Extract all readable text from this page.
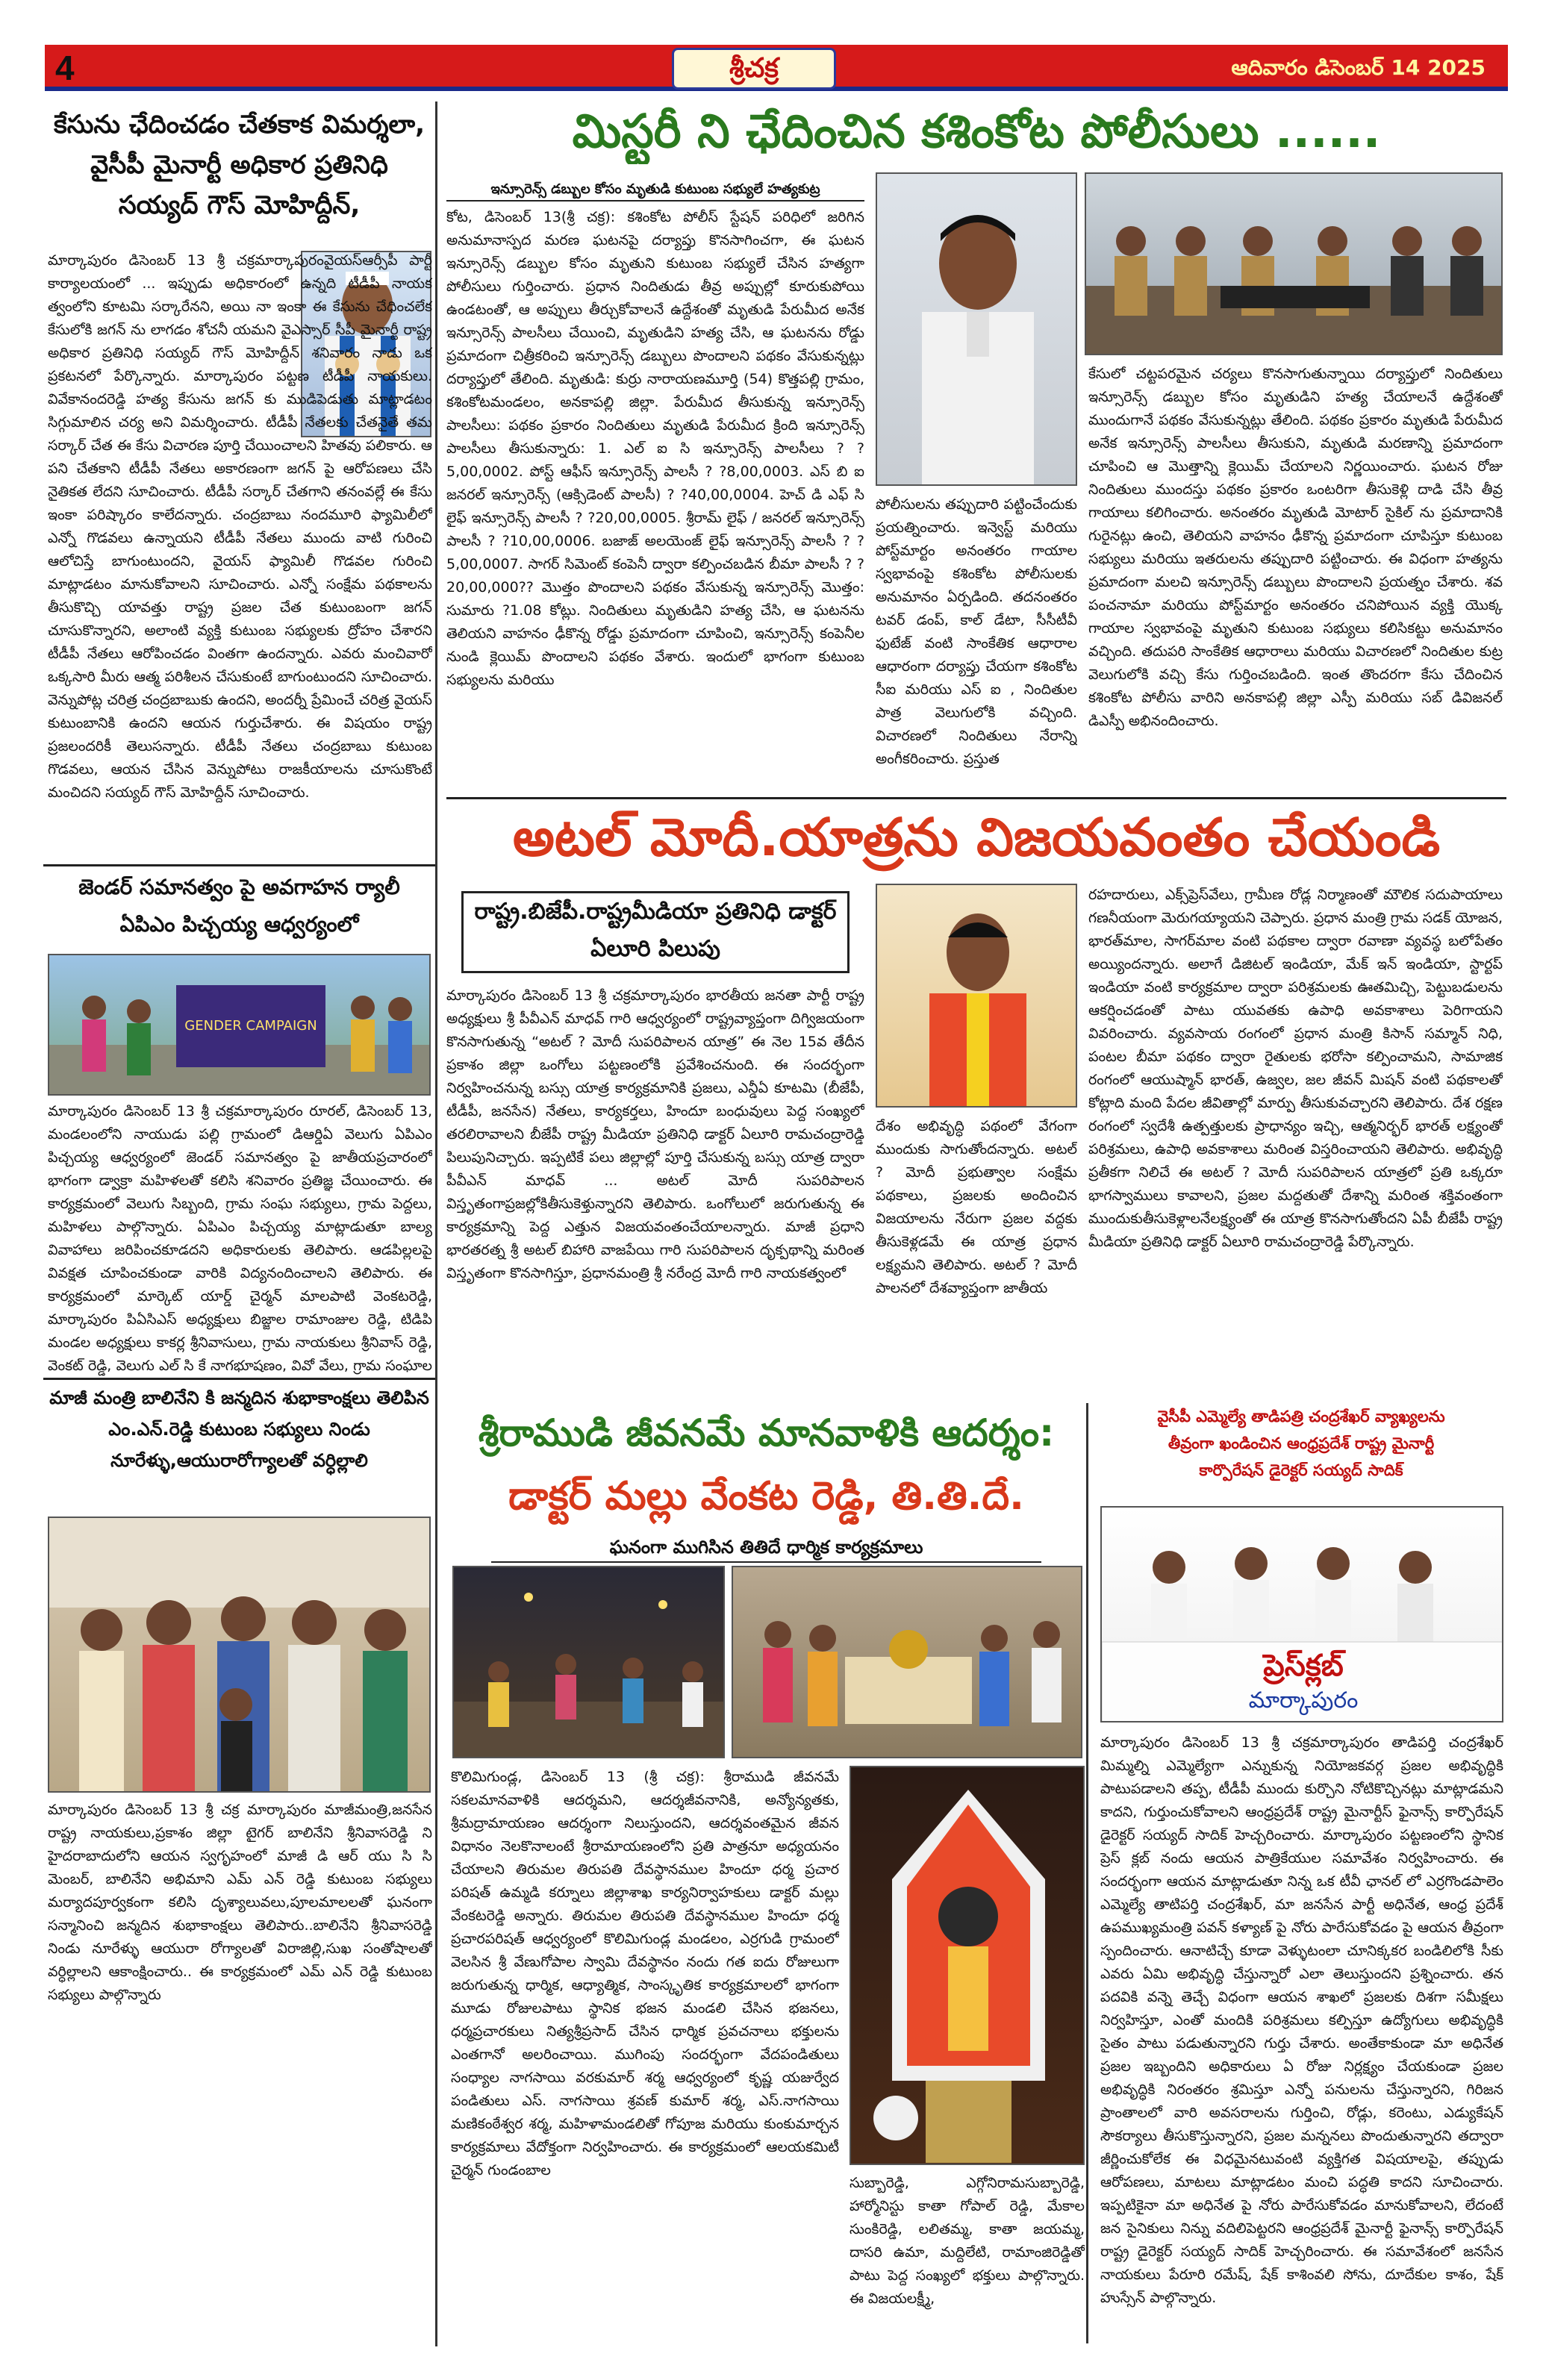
4	శ్రీచక్ర	ఆదివారం డిసెంబర్ 14 2025
కేసును ఛేదించడం చేతకాక విమర్శలా, వైసీపీ మైనార్టీ అధికార ప్రతినిధి సయ్యద్ గౌస్ మోహిద్దీన్,
మార్కాపురం డిసెంబర్ 13 శ్రీ చక్రమార్కాపురంవైయస్ఆర్సీపీ పార్టీ కార్యాలయంలో ... ఇప్పుడు అధికారంలో ఉన్నది టీడీపీ నాయక త్వంలోని కూటమి సర్కారేనని, అయి నా ఇంకా ఈ కేసును చేధించలేక కేసులోకి జగన్ ను లాగడం శోచనీ యమని వైఎస్సార్ సీపీ మైనార్టీ రాష్ట్ర అధికార ప్రతినిధి సయ్యద్ గౌస్ మోహిద్దీన్ శనివారం నాడు ఒక ప్రకటనలో పేర్కొన్నారు. మార్కాపురం పట్టణ టీడీపీ నాయకులు. వివేకానందరెడ్డి హత్య కేసును జగన్ కు ముడిపెడుతు మాట్లాడటం సిగ్గుమాలిన చర్య అని విమర్శించారు. టీడీపీ నేతలకు చేతనైతే తమ సర్కార్ చేత ఈ కేసు విచారణ పూర్తి చేయించాలని హితవు పలికారు. ఆ పని చేతకాని టీడీపీ నేతలు అకారణంగా జగన్ పై ఆరోపణలు చేసి నైతికత లేదని సూచించారు. టీడీపీ సర్కార్ చేతగాని తనంవల్లే ఈ కేసు ఇంకా పరిష్కారం కాలేదన్నారు. చంద్రబాబు నందమూరి ఫ్యామిలీలో ఎన్నో గొడవలు ఉన్నాయని టీడీపీ నేతలు ముందు వాటి గురించి ఆలోచిస్తే బాగుంటుందని, వైయస్ ఫ్యామిలీ గొడవల గురించి మాట్లాడటం మానుకోవాలని సూచించారు. ఎన్నో సంక్షేమ పథకాలను తీసుకొచ్చి యావత్తు రాష్ట్ర ప్రజల చేత కుటుంబంగా జగన్ చూసుకొన్నారని, అలాంటి వ్యక్తి కుటుంబ సభ్యులకు ద్రోహం చేశారని టీడీపీ నేతలు ఆరోపించడం వింతగా ఉందన్నారు. ఎవరు మంచివారో ఒక్కసారి మీరు ఆత్మ పరిశీలన చేసుకుంటే బాగుంటుందని సూచించారు. వెన్నుపోట్ల చరిత్ర చంద్రబాబుకు ఉందని, అందర్నీ ప్రేమించే చరిత్ర వైయస్ కుటుంబానికి ఉందని ఆయన గుర్తుచేశారు. ఈ విషయం రాష్ట్ర ప్రజలందరికీ తెలుసన్నారు. టీడీపీ నేతలు చంద్రబాబు కుటుంబ గొడవలు, ఆయన చేసిన వెన్నుపోటు రాజకీయాలను చూసుకొంటే మంచిదని సయ్యద్ గౌస్ మోహిద్దీన్ సూచించారు.
జెండర్ సమానత్వం పై అవగాహన ర్యాలీ ఏపిఎం పిచ్చయ్య ఆధ్వర్యంలో
GENDER CAMPAIGN
మార్కాపురం డిసెంబర్ 13 శ్రీ చక్రమార్కాపురం రూరల్, డిసెంబర్ 13, మండలంలోని నాయుడు పల్లి గ్రామంలో డిఆర్డిఏ వెలుగు ఏపిఎం పిచ్చయ్య ఆధ్వర్యంలో జెండర్ సమానత్వం పై జాతీయప్రచారంలో భాగంగా డ్వాక్రా మహిళలతో కలిసి శనివారం ప్రతిజ్ఞ చేయించారు. ఈ కార్యక్రమంలో వెలుగు సిబ్బంది, గ్రామ సంఘ సభ్యులు, గ్రామ పెద్దలు, మహిళలు పాల్గొన్నారు. ఏపిఎం పిచ్చయ్య మాట్లాడుతూ బాల్య వివాహాలు జరిపించకూడదని అధికారులకు తెలిపారు. ఆడపిల్లలపై వివక్షత చూపించకుండా వారికి విద్యనందించాలని తెలిపారు. ఈ కార్యక్రమంలో మార్కెట్ యార్డ్ చైర్మన్ మాలపాటి వెంకటరెడ్డి, మార్కాపురం పిఏసిఎస్ అధ్యక్షులు బిజ్జాల రామాంజుల రెడ్డి, టిడిపి మండల అధ్యక్షులు కాకర్ల శ్రీనివాసులు, గ్రామ నాయకులు శ్రీనివాస్ రెడ్డి, వెంకట్ రెడ్డి, వెలుగు ఎల్ సి కే నాగభూషణం, వివో వేలు, గ్రామ సంఘాల
మాజీ మంత్రి బాలినేని కి జన్మదిన శుభాకాంక్షలు తెలిపిన ఎం.ఎన్.రెడ్డి కుటుంబ సభ్యులు నిండు నూరేళ్ళు,ఆయురారోగ్యాలతో వర్ధిల్లాలి
మార్కాపురం డిసెంబర్ 13 శ్రీ చక్ర మార్కాపురం మాజీమంత్రి,జనసేన రాష్ట్ర నాయకులు,ప్రకాశం జిల్లా టైగర్ బాలినేని శ్రీనివాసరెడ్డి ని హైదరాబాదులోని ఆయన స్వగృహంలో మాజీ డి ఆర్ యు సి సి మెంబర్, బాలినేని అభిమాని ఎమ్ ఎన్ రెడ్డి కుటుంబ సభ్యులు మర్యాదపూర్వకంగా కలిసి దృశ్యాలువలు,పూలమాలలతో ఘనంగా సన్మానించి జన్మదిన శుభాకాంక్షలు తెలిపారు..బాలినేని శ్రీనివాసరెడ్డి నిండు నూరేళ్ళు ఆయురా రోగ్యాలతో విరాజిల్లి,సుఖ సంతోషాలతో వర్ధిల్లాలని ఆకాంక్షించారు.. ఈ కార్యక్రమంలో ఎమ్ ఎన్ రెడ్డి కుటుంబ సభ్యులు పాల్గొన్నారు
మిస్టరీ ని ఛేదించిన కశింకోట పోలీసులు ......
ఇన్సూరెన్స్ డబ్బుల కోసం మృతుడి కుటుంబ సభ్యులే హత్యకుట్ర
కోట, డిసెంబర్ 13(శ్రీ చక్ర): కశింకోట పోలీస్ స్టేషన్ పరిధిలో జరిగిన అనుమానాస్పద మరణ ఘటనపై దర్యాప్తు కొనసాగించగా, ఈ ఘటన ఇన్సూరెన్స్ డబ్బుల కోసం మృతుని కుటుంబ సభ్యులే చేసిన హత్యగా పోలీసులు గుర్తించారు. ప్రధాన నిందితుడు తీవ్ర అప్పుల్లో కూరుకుపోయి ఉండటంతో, ఆ అప్పులు తీర్చుకోవాలనే ఉద్దేశంతో మృతుడి పేరుమీద అనేక ఇన్సూరెన్స్ పాలసీలు చేయించి, మృతుడిని హత్య చేసి, ఆ ఘటనను రోడ్డు ప్రమాదంగా చిత్రీకరించి ఇన్సూరెన్స్ డబ్బులు పొందాలని పథకం వేసుకున్నట్లు దర్యాప్తులో తేలింది. మృతుడి: కుర్రు నారాయణమూర్తి (54) కొత్తపల్లి గ్రామం, కశింకోటమండలం, అనకాపల్లి జిల్లా. పేరుమీద తీసుకున్న ఇన్సూరెన్స్ పాలసీలు: పథకం ప్రకారం నిందితులు మృతుడి పేరుమీద క్రింది ఇన్సూరెన్స్ పాలసీలు తీసుకున్నారు: 1. ఎల్ ఐ సి ఇన్సూరెన్స్ పాలసీలు ? ?5,00,0002. పోస్ట్ ఆఫీస్ ఇన్సూరెన్స్ పాలసీ ? ?8,00,0003. ఎస్ బి ఐ జనరల్ ఇన్సూరెన్స్ (ఆక్సిడెంట్ పాలసీ) ? ?40,00,0004. హెచ్ డి ఎఫ్ సి లైఫ్ ఇన్సూరెన్స్ పాలసీ ? ?20,00,0005. శ్రీరామ్ లైఫ్ / జనరల్ ఇన్సూరెన్స్ పాలసీ ? ?10,00,0006. బజాజ్ అలయెంజ్ లైఫ్ ఇన్సూరెన్స్ పాలసీ ? ?5,00,0007. సాగర్ సిమెంట్ కంపెనీ ద్వారా కల్పించబడిన బీమా పాలసీ ? ?20,00,000?? మొత్తం పొందాలని పథకం వేసుకున్న ఇన్సూరెన్స్ మొత్తం: సుమారు ?1.08 కోట్లు. నిందితులు మృతుడిని హత్య చేసి, ఆ ఘటనను తెలియని వాహనం ఢీకొన్న రోడ్డు ప్రమాదంగా చూపించి, ఇన్సూరెన్స్ కంపెనీల నుండి క్లెయిమ్ పొందాలని పథకం వేశారు. ఇందులో భాగంగా కుటుంబ సభ్యులను మరియు
పోలీసులను తప్పుదారి పట్టించేందుకు ప్రయత్నించారు. ఇన్వెస్ట్ మరియు పోస్ట్‌మార్టం అనంతరం గాయాల స్వభావంపై కశింకోట పోలీసులకు అనుమానం ఏర్పడింది. తదనంతరం టవర్ డంప్, కాల్ డేటా, సీసీటీవీ ఫుటేజ్ వంటి సాంకేతిక ఆధారాల ఆధారంగా దర్యాప్తు చేయగా కశింకోట సీఐ మరియు ఎస్ ఐ , నిందితుల పాత్ర వెలుగులోకి వచ్చింది. విచారణలో నిందితులు నేరాన్ని అంగీకరించారు. ప్రస్తుత
కేసులో చట్టపరమైన చర్యలు కొనసాగుతున్నాయి దర్యాప్తులో నిందితులు ఇన్సూరెన్స్ డబ్బుల కోసం మృతుడిని హత్య చేయాలనే ఉద్దేశంతో ముందుగానే పథకం వేసుకున్నట్లు తేలింది. పథకం ప్రకారం మృతుడి పేరుమీద అనేక ఇన్సూరెన్స్ పాలసీలు తీసుకుని, మృతుడి మరణాన్ని ప్రమాదంగా చూపించి ఆ మొత్తాన్ని క్లెయిమ్ చేయాలని నిర్ణయించారు. ఘటన రోజు నిందితులు ముందస్తు పథకం ప్రకారం ఒంటరిగా తీసుకెళ్లి దాడి చేసి తీవ్ర గాయాలు కలిగించారు. అనంతరం మృతుడి మోటార్ సైకిల్ ను ప్రమాదానికి గురైనట్లు ఉంచి, తెలియని వాహనం ఢీకొన్న ప్రమాదంగా చూపిస్తూ కుటుంబ సభ్యులు మరియు ఇతరులను తప్పుదారి పట్టించారు. ఈ విధంగా హత్యను ప్రమాదంగా మలచి ఇన్సూరెన్స్ డబ్బులు పొందాలని ప్రయత్నం చేశారు. శవ పంచనామా మరియు పోస్ట్‌మార్టం అనంతరం చనిపోయిన వ్యక్తి యొక్క గాయాల స్వభావంపై మృతుని కుటుంబ సభ్యులు కలిసికట్టు అనుమానం వచ్చింది. తదుపరి సాంకేతిక ఆధారాలు మరియు విచారణలో నిందితుల కుట్ర వెలుగులోకి వచ్చి కేసు గుర్తించబడింది. ఇంత తొందరగా కేసు చేదించిన కశింకోట పోలీసు వారిని అనకాపల్లి జిల్లా ఎస్పీ మరియు సబ్ డివిజనల్ డిఎస్పీ అభినందించారు.
అటల్ మోదీ.యాత్రను విజయవంతం చేయండి
రాష్ట్ర.బిజేపీ.రాష్ట్రమీడియా ప్రతినిధి డాక్టర్ ఏలూరి పిలుపు
మార్కాపురం డిసెంబర్ 13 శ్రీ చక్రమార్కాపురం భారతీయ జనతా పార్టీ రాష్ట్ర అధ్యక్షులు శ్రీ పీవీఎన్ మాధవ్ గారి ఆధ్వర్యంలో రాష్ట్రవ్యాప్తంగా దిగ్విజయంగా కొనసాగుతున్న “అటల్ ? మోదీ సుపరిపాలన యాత్ర” ఈ నెల 15వ తేదీన ప్రకాశం జిల్లా ఒంగోలు పట్టణంలోకి ప్రవేశించనుంది. ఈ సందర్భంగా నిర్వహించనున్న బస్సు యాత్ర కార్యక్రమానికి ప్రజలు, ఎన్డీఏ కూటమి (బీజేపీ, టీడీపీ, జనసేన) నేతలు, కార్యకర్తలు, హిందూ బంధువులు పెద్ద సంఖ్యలో తరలిరావాలని బీజేపీ రాష్ట్ర మీడియా ప్రతినిధి డాక్టర్ ఏలూరి రామచంద్రారెడ్డి పిలుపునిచ్చారు. ఇప్పటికే పలు జిల్లాల్లో పూర్తి చేసుకున్న బస్సు యాత్ర ద్వారా పీవీఎన్ మాధవ్ ... అటల్ మోదీ సుపరిపాలన విస్తృతంగాప్రజల్లోకితీసుకెళ్తున్నారని తెలిపారు. ఒంగోలులో జరుగుతున్న ఈ కార్యక్రమాన్ని పెద్ద ఎత్తున విజయవంతంచేయాలన్నారు. మాజీ ప్రధాని భారతరత్న శ్రీ అటల్ బిహారి వాజపేయి గారి సుపరిపాలన దృక్పథాన్ని మరింత విస్తృతంగా కొనసాగిస్తూ, ప్రధానమంత్రి శ్రీ నరేంద్ర మోదీ గారి నాయకత్వంలో
దేశం అభివృద్ధి పథంలో వేగంగా ముందుకు సాగుతోందన్నారు. అటల్ ? మోదీ ప్రభుత్వాల సంక్షేమ పథకాలు, ప్రజలకు అందించిన విజయాలను నేరుగా ప్రజల వద్దకు తీసుకెళ్లడమే ఈ యాత్ర ప్రధాన లక్ష్యమని తెలిపారు. అటల్ ? మోదీ పాలనలో దేశవ్యాప్తంగా జాతీయ
రహదారులు, ఎక్స్‌ప్రెస్‌వేలు, గ్రామీణ రోడ్ల నిర్మాణంతో మౌలిక సదుపాయాలు గణనీయంగా మెరుగయ్యాయని చెప్పారు. ప్రధాన మంత్రి గ్రామ సడక్ యోజన, భారత్‌మాల, సాగర్‌మాల వంటి పథకాల ద్వారా రవాణా వ్యవస్థ బలోపేతం అయ్యిందన్నారు. అలాగే డిజిటల్ ఇండియా, మేక్ ఇన్ ఇండియా, స్టార్టప్ ఇండియా వంటి కార్యక్రమాల ద్వారా పరిశ్రమలకు ఊతమిచ్చి, పెట్టుబడులను ఆకర్షించడంతో పాటు యువతకు ఉపాధి అవకాశాలు పెరిగాయని వివరించారు. వ్యవసాయ రంగంలో ప్రధాన మంత్రి కిసాన్ సమ్మాన్ నిధి, పంటల బీమా పథకం ద్వారా రైతులకు భరోసా కల్పించామని, సామాజిక రంగంలో ఆయుష్మాన్ భారత్, ఉజ్వల, జల జీవన్ మిషన్ వంటి పథకాలతో కోట్లాది మంది పేదల జీవితాల్లో మార్పు తీసుకువచ్చారని తెలిపారు. దేశ రక్షణ రంగంలో స్వదేశీ ఉత్పత్తులకు ప్రాధాన్యం ఇచ్చి, ఆత్మనిర్భర్ భారత్ లక్ష్యంతో పరిశ్రమలు, ఉపాధి అవకాశాలు మరింత విస్తరించాయని తెలిపారు. అభివృద్ధి ప్రతీకగా నిలిచే ఈ అటల్ ? మోదీ సుపరిపాలన యాత్రలో ప్రతి ఒక్కరూ భాగస్వాములు కావాలని, ప్రజల మద్దతుతో దేశాన్ని మరింత శక్తివంతంగా ముందుకుతీసుకెళ్లాలనేలక్ష్యంతో ఈ యాత్ర కొనసాగుతోందని ఏపీ బీజేపీ రాష్ట్ర మీడియా ప్రతినిధి డాక్టర్ ఏలూరి రామచంద్రారెడ్డి పేర్కొన్నారు.
శ్రీరాముడి జీవనమే మానవాళికి ఆదర్శం:
డాక్టర్ మల్లు వేంకట రెడ్డి, తి.తి.దే.
ఘనంగా ముగిసిన తితిదే ధార్మిక కార్యక్రమాలు
కొలిమిగుండ్ల, డిసెంబర్ 13 (శ్రీ చక్ర): శ్రీరాముడి జీవనమే సకలమానవాళికి ఆదర్శమని, ఆదర్శజీవనానికి, అన్యోన్యతకు, శ్రీమద్రామాయణం ఆదర్శంగా నిలుస్తుందని, ఆదర్శవంతమైన జీవన విధానం నెలకొనాలంటే శ్రీరామాయణంలోని ప్రతి పాత్రనూ అధ్యయనం చేయాలని తిరుమల తిరుపతి దేవస్థానముల హిందూ ధర్మ ప్రచార పరిషత్ ఉమ్మడి కర్నూలు జిల్లాశాఖ కార్యనిర్వాహకులు డాక్టర్ మల్లు వేంకటరెడ్డి అన్నారు. తిరుమల తిరుపతి దేవస్థానముల హిందూ ధర్మ ప్రచారపరిషత్ ఆధ్వర్యంలో కొలిమిగుండ్ల మండలం, ఎర్రగుడి గ్రామంలో వెలసిన శ్రీ వేణుగోపాల స్వామి దేవస్థానం నందు గత ఐదు రోజులుగా జరుగుతున్న ధార్మిక, ఆధ్యాత్మిక, సాంస్కృతిక కార్యక్రమాలలో భాగంగా మూడు రోజులపాటు స్థానిక భజన మండలి చేసిన భజనలు, ధర్మప్రచారకులు నిత్యశ్రీప్రసాద్ చేసిన ధార్మిక ప్రవచనాలు భక్తులను ఎంతగానో అలరించాయి. ముగింపు సందర్భంగా వేదపండితులు సంధ్యాల నాగసాయి వరకుమార్ శర్మ ఆధ్వర్యంలో కృష్ణ యజుర్వేద పండితులు ఎస్. నాగసాయి శ్రవణ్ కుమార్ శర్మ, ఎస్.నాగసాయి మణికంఠేశ్వర శర్మ, మహిళామండలితో గోపూజ మరియు కుంకుమార్చన కార్యక్రమాలు వేదోక్తంగా నిర్వహించారు. ఈ కార్యక్రమంలో ఆలయకమిటీ చైర్మన్ గుండంబాల
సుబ్బారెడ్డి, ఎగ్గోనిరామసుబ్బారెడ్డి, హార్మోనిస్టు కాతా గోపాల్ రెడ్డి, మేకాల సుంకిరెడ్డి, లలితమ్మ, కాతా జయమ్మ, దాసరి ఉమా, మద్దిలేటి, రామాంజిరెడ్డితో పాటు పెద్ద సంఖ్యలో భక్తులు పాల్గొన్నారు. ఈ విజయలక్ష్మీ,
వైసీపీ ఎమ్మెల్యే తాడిపత్రి చంద్రశేఖర్ వ్యాఖ్యలను
తీవ్రంగా ఖండించిన ఆంధ్రప్రదేశ్ రాష్ట్ర మైనార్టీ
కార్పొరేషన్ డైరెక్టర్ సయ్యద్ సాదిక్
ప్రెస్‌క్లబ్
మార్కాపురం
మార్కాపురం డిసెంబర్ 13 శ్రీ చక్రమార్కాపురం తాడిపర్తి చంద్రశేఖర్ మిమ్మల్ని ఎమ్మెల్యేగా ఎన్నుకున్న నియోజకవర్గ ప్రజల అభివృద్ధికి పాటుపడాలని తప్ప, టీడీపీ ముందు కుర్చొని నోటికొచ్చినట్లు మాట్లాడమని కాదని, గుర్తుంచుకోవాలని ఆంధ్రప్రదేశ్ రాష్ట్ర మైనార్టీస్ ఫైనాన్స్ కార్పొరేషన్ డైరెక్టర్ సయ్యద్ సాదిక్ హెచ్చరించారు. మార్కాపురం పట్టణంలోని స్థానిక ప్రెస్ క్లబ్ నందు ఆయన పాత్రికేయుల సమావేశం నిర్వహించారు. ఈ సందర్భంగా ఆయన మాట్లాడుతూ నిన్న ఒక టీవీ ఛానల్ లో ఎర్రగొండపాలెం ఎమ్మెల్యే తాటిపర్తి చంద్రశేఖర్, మా జనసేన పార్టీ అధినేత, ఆంధ్ర ప్రదేశ్ ఉపముఖ్యమంత్రి పవన్ కళ్యాణ్ పై నోరు పారేసుకోవడం పై ఆయన తీవ్రంగా స్పందించారు. ఆనాటిచ్చే కూడా వెళ్ళుటంలా చూనిక్కకర బండిలిలోకి సీకు ఎవరు ఏమి అభివృద్ధి చేస్తున్నారో ఎలా తెలుస్తుందని ప్రశ్నించారు. తన పదవికి వన్నె తెచ్చే విధంగా ఆయన శాఖలో ప్రజలకు దిశగా సమీక్షలు నిర్వహిస్తూ, ఎంతో మందికి పరిశ్రమలు కల్పిస్తూ ఉద్యోగులు అభివృద్ధికి సైతం పాటు పడుతున్నారని గుర్తు చేశారు. అంతేకాకుండా మా అధినేత ప్రజల ఇబ్బందిని అధికారులు ఏ రోజు నిర్లక్ష్యం చేయకుండా ప్రజల అభివృద్ధికి నిరంతరం శ్రమిస్తూ ఎన్నో పనులను చేస్తున్నారని, గిరిజన ప్రాంతాలలో వారి అవసరాలను గుర్తించి, రోడ్లు, కరెంటు, ఎడ్యుకేషన్ సౌకర్యాలు తీసుకొస్తున్నారని, ప్రజల మన్ననలు పొందుతున్నారని తద్వారా జీర్ణించుకోలేక ఈ విధమైనటువంటి వ్యక్తిగత విషయాలపై, తప్పుడు ఆరోపణలు, మాటలు మాట్లాడటం మంచి పద్ధతి కాదని సూచించారు. ఇప్పటికైనా మా అధినేత పై నోరు పారేసుకోవడం మానుకోవాలని, లేదంటే జన సైనికులు నిన్ను వదిలిపెట్టరని ఆంధ్రప్రదేశ్ మైనార్టీ ఫైనాన్స్ కార్పొరేషన్ రాష్ట్ర డైరెక్టర్ సయ్యద్ సాదిక్ హెచ్చరించారు. ఈ సమావేశంలో జనసేన నాయకులు పేరూరి రమేష్, షేక్ కాశింవలి సోను, దూదేకుల కాశం, షేక్ హుస్సేన్ పాల్గొన్నారు.
